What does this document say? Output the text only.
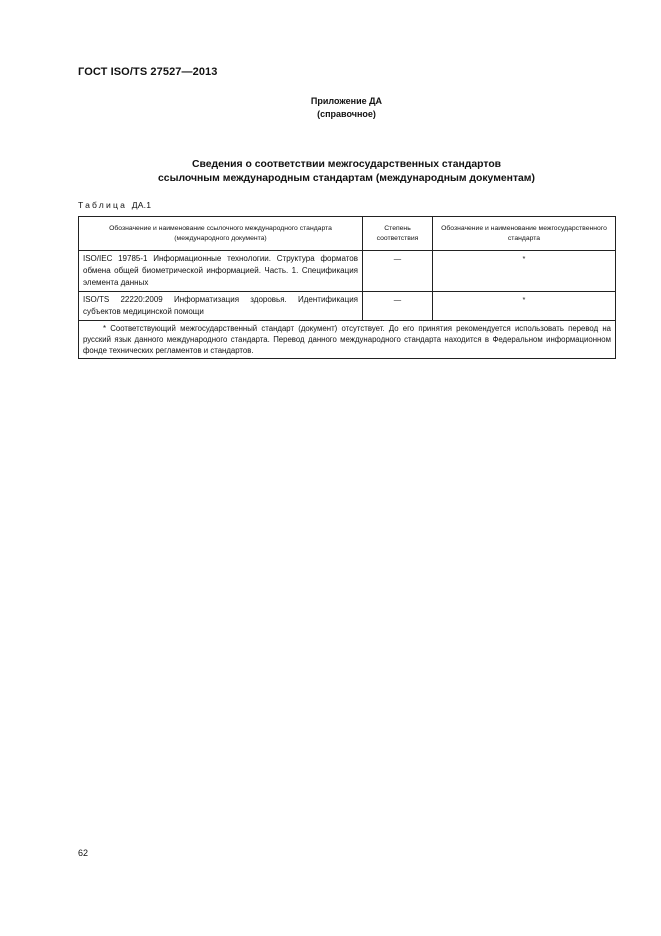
ГОСТ ISO/TS 27527—2013
Приложение ДА
(справочное)
Сведения о соответствии межгосударственных стандартов
ссылочным международным стандартам (международным документам)
Таблица ДА.1
Обозначение и наименование ссылочного международного стандарта (международного документа)	Степень соответствия	Обозначение и наименование межгосударственного стандарта
ISO/IEC 19785-1 Информационные технологии. Структура форматов обмена общей биометрической информацией. Часть. 1. Спецификация элемента данных	—	*
ISO/TS 22220:2009 Информатизация здоровья. Идентификация субъектов медицинской помощи	—	*

* Соответствующий межгосударственный стандарт (документ) отсутствует. До его принятия рекомендуется использовать перевод на русский язык данного международного стандарта. Перевод данного международного стандарта находится в Федеральном информационном фонде технических регламентов и стандартов.		
62
